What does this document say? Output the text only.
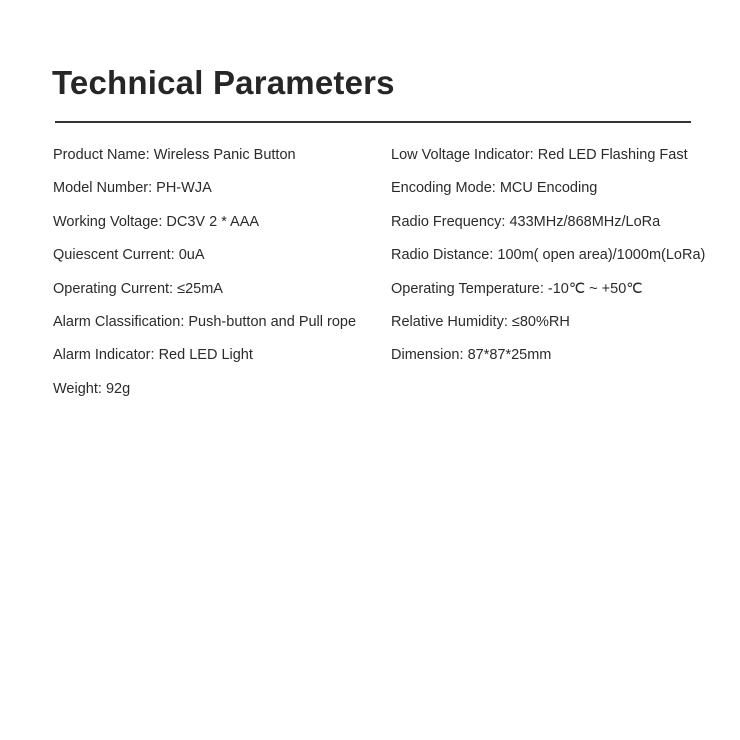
Technical Parameters
Product Name: Wireless Panic Button
Model Number: PH-WJA
Working Voltage: DC3V 2 * AAA
Quiescent Current: 0uA
Operating Current: ≤25mA
Alarm Classification: Push-button and Pull rope
Alarm Indicator: Red LED Light
Weight: 92g
Low Voltage Indicator: Red LED Flashing Fast
Encoding Mode: MCU Encoding
Radio Frequency: 433MHz/868MHz/LoRa
Radio Distance: 100m( open area)/1000m(LoRa)
Operating Temperature: -10℃ ~ +50℃
Relative Humidity: ≤80%RH
Dimension: 87*87*25mm
